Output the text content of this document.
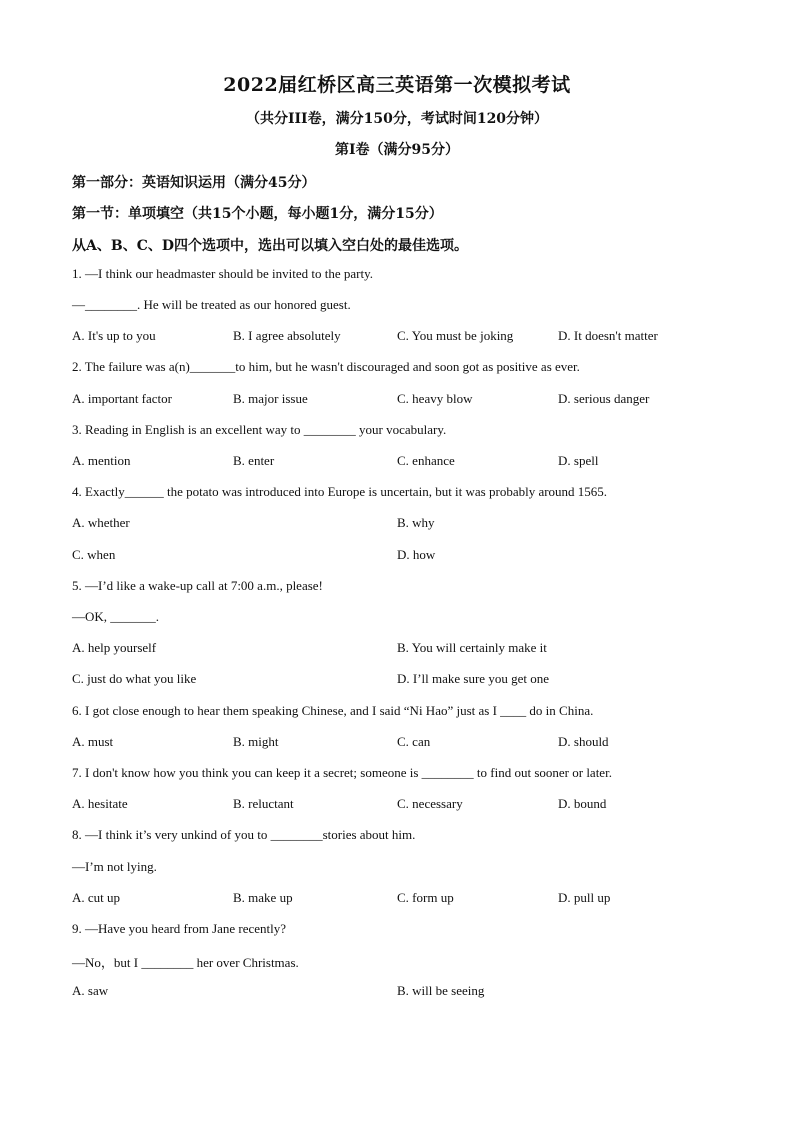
2022届红桥区高三英语第一次模拟考试
（共分III卷，满分150分，考试时间120分钟）
第I卷（满分95分）
第一部分：英语知识运用（满分45分）
第一节：单项填空（共15个小题，每小题1分，满分15分）
从A、B、C、D四个选项中，选出可以填入空白处的最佳选项。
1. —I think our headmaster should be invited to the party.
—________. He will be treated as our honored guest.
A. It's up to you	B. I agree absolutely	C. You must be joking	D. It doesn't matter
2. The failure was a(n)_______to him, but he wasn't discouraged and soon got as positive as ever.
A. important factor	B. major issue	C. heavy blow	D. serious danger
3. Reading in English is an excellent way to ________ your vocabulary.
A. mention	B. enter	C. enhance	D. spell
4. Exactly______ the potato was introduced into Europe is uncertain, but it was probably around 1565.
A. whether	B. why
C. when	D. how
5. —I’d like a wake-up call at 7:00 a.m., please!
—OK, _______.
A. help yourself	B. You will certainly make it
C. just do what you like	D. I’ll make sure you get one
6. I got close enough to hear them speaking Chinese, and I said “Ni Hao” just as I ____ do in China.
A. must	B. might	C. can	D. should
7. I don't know how you think you can keep it a secret; someone is ________ to find out sooner or later.
A. hesitate	B. reluctant	C. necessary	D. bound
8. —I think it’s very unkind of you to ________stories about him.
—I’m not lying.
A. cut up	B. make up	C. form up	D. pull up
9. —Have you heard from Jane recently?
—No，but I ________ her over Christmas.
A. saw	B. will be seeing
